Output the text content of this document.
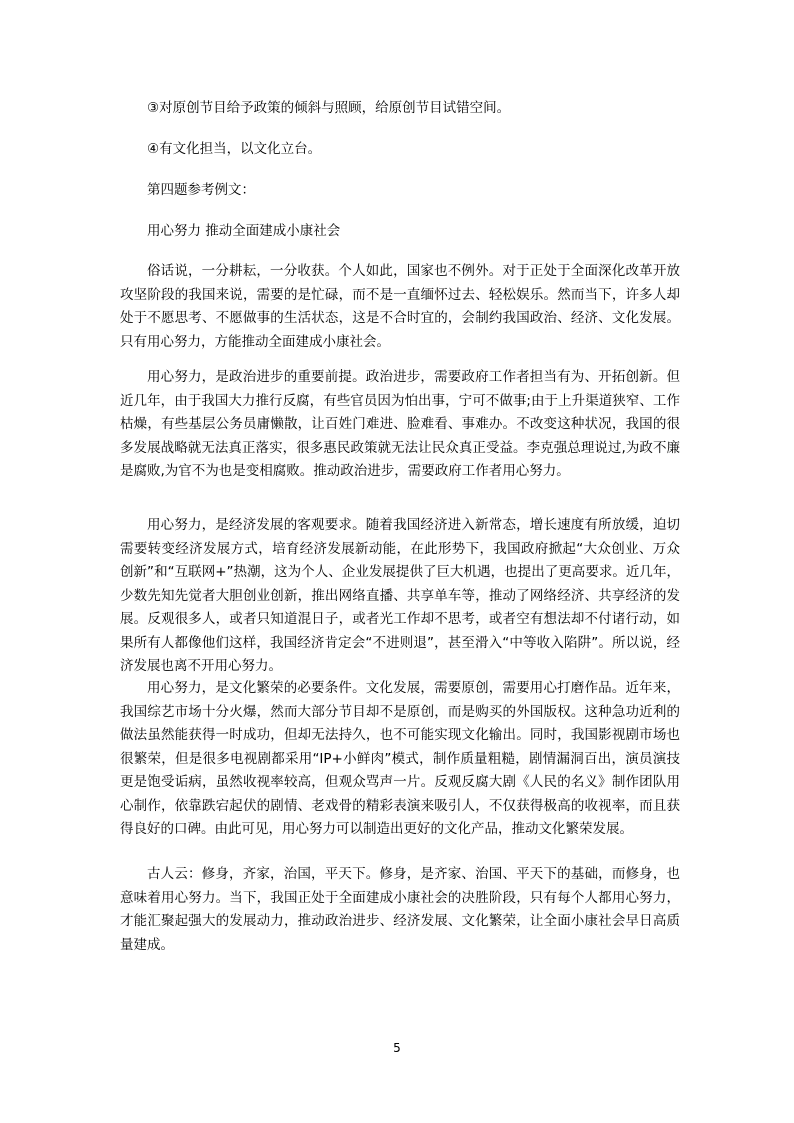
③对原创节目给予政策的倾斜与照顾，给原创节目试错空间。

④有文化担当，以文化立台。

第四题参考例文：

用心努力 推动全面建成小康社会

俗话说，一分耕耘，一分收获。个人如此，国家也不例外。对于正处于全面深化改革开放攻坚阶段的我国来说，需要的是忙碌，而不是一直缅怀过去、轻松娱乐。然而当下，许多人却处于不愿思考、不愿做事的生活状态，这是不合时宜的，会制约我国政治、经济、文化发展。只有用心努力，方能推动全面建成小康社会。

用心努力，是政治进步的重要前提。政治进步，需要政府工作者担当有为、开拓创新。但近几年，由于我国大力推行反腐，有些官员因为怕出事，宁可不做事;由于上升渠道狭窄、工作枯燥，有些基层公务员庸懒散，让百姓门难进、脸难看、事难办。不改变这种状况，我国的很多发展战略就无法真正落实，很多惠民政策就无法让民众真正受益。李克强总理说过,为政不廉是腐败,为官不为也是变相腐败。推动政治进步，需要政府工作者用心努力。

用心努力，是经济发展的客观要求。随着我国经济进入新常态，增长速度有所放缓，迫切需要转变经济发展方式，培育经济发展新动能，在此形势下，我国政府掀起“大众创业、万众创新”和“互联网+”热潮，这为个人、企业发展提供了巨大机遇，也提出了更高要求。近几年，少数先知先觉者大胆创业创新，推出网络直播、共享单车等，推动了网络经济、共享经济的发展。反观很多人，或者只知道混日子，或者光工作却不思考，或者空有想法却不付诸行动，如果所有人都像他们这样，我国经济肯定会“不进则退”，甚至滑入“中等收入陷阱”。所以说，经济发展也离不开用心努力。

用心努力，是文化繁荣的必要条件。文化发展，需要原创，需要用心打磨作品。近年来，我国综艺市场十分火爆，然而大部分节目却不是原创，而是购买的外国版权。这种急功近利的做法虽然能获得一时成功，但却无法持久，也不可能实现文化输出。同时，我国影视剧市场也很繁荣，但是很多电视剧都采用“IP+小鲜肉”模式，制作质量粗糙，剧情漏洞百出，演员演技更是饱受诟病，虽然收视率较高，但观众骂声一片。反观反腐大剧《人民的名义》制作团队用心制作，依靠跌宕起伏的剧情、老戏骨的精彩表演来吸引人，不仅获得极高的收视率，而且获得良好的口碑。由此可见，用心努力可以制造出更好的文化产品，推动文化繁荣发展。

古人云：修身，齐家，治国，平天下。修身，是齐家、治国、平天下的基础，而修身，也意味着用心努力。当下，我国正处于全面建成小康社会的决胜阶段，只有每个人都用心努力，才能汇聚起强大的发展动力，推动政治进步、经济发展、文化繁荣，让全面小康社会早日高质量建成。

5
